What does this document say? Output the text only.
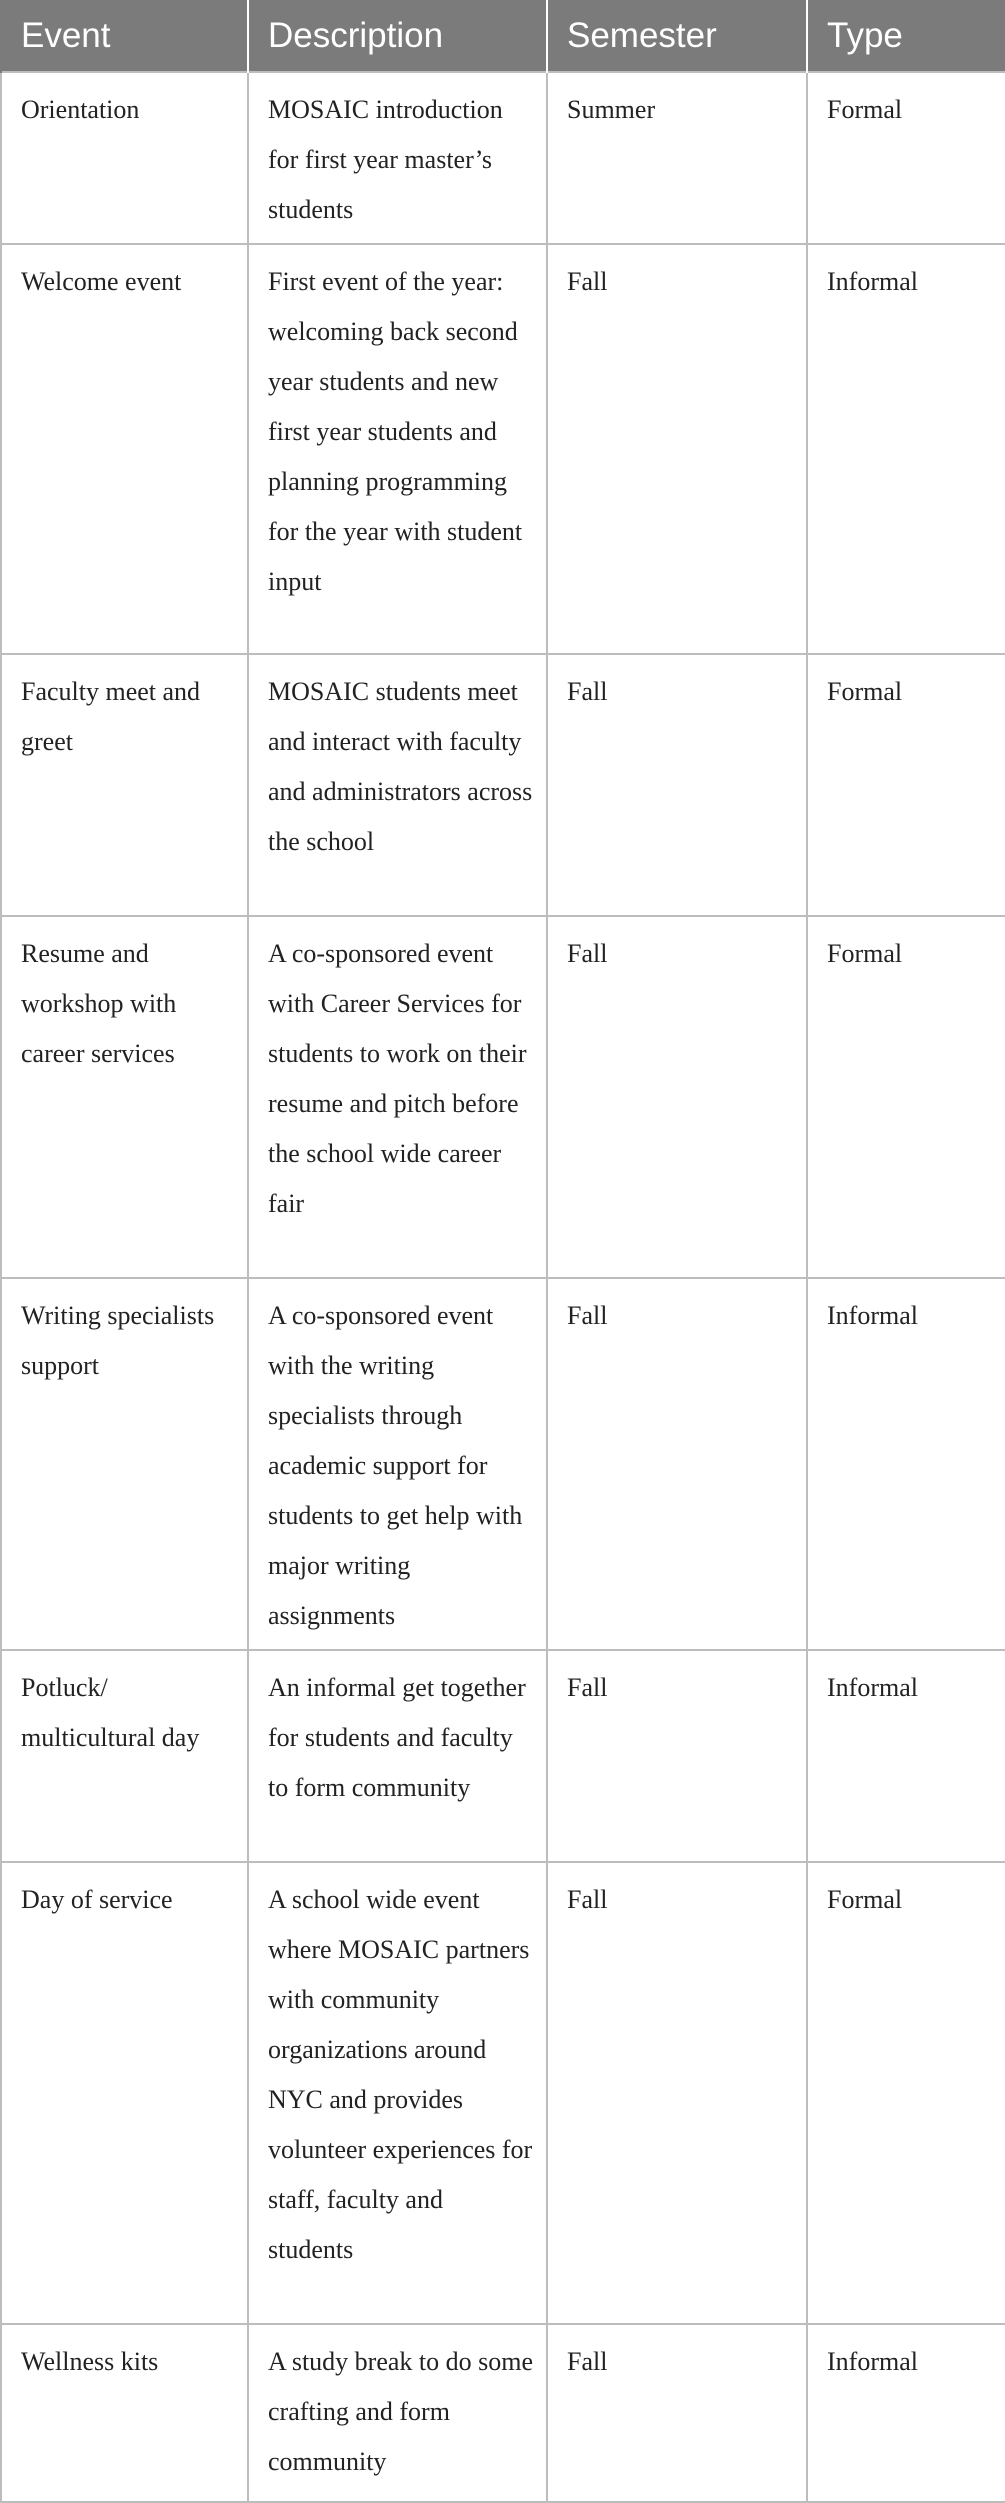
Event	Description	Semester	Type
Orientation	MOSAIC introduction for first year master’s students	Summer	Formal
Welcome event	First event of the year: welcoming back second year students and new first year students and planning programming for the year with student input	Fall	Informal
Faculty meet and greet	MOSAIC students meet and interact with faculty and administrators across the school	Fall	Formal
Resume and workshop with career services	A co-sponsored event with Career Services for students to work on their resume and pitch before the school wide career fair	Fall	Formal
Writing specialists support	A co-sponsored event with the writing specialists through academic support for students to get help with major writing assignments	Fall	Informal
Potluck/ multicultural day	An informal get together for students and faculty to form community	Fall	Informal
Day of service	A school wide event where MOSAIC partners with community organizations around NYC and provides volunteer experiences for staff, faculty and students	Fall	Formal
Wellness kits	A study break to do some crafting and form community	Fall	Informal
